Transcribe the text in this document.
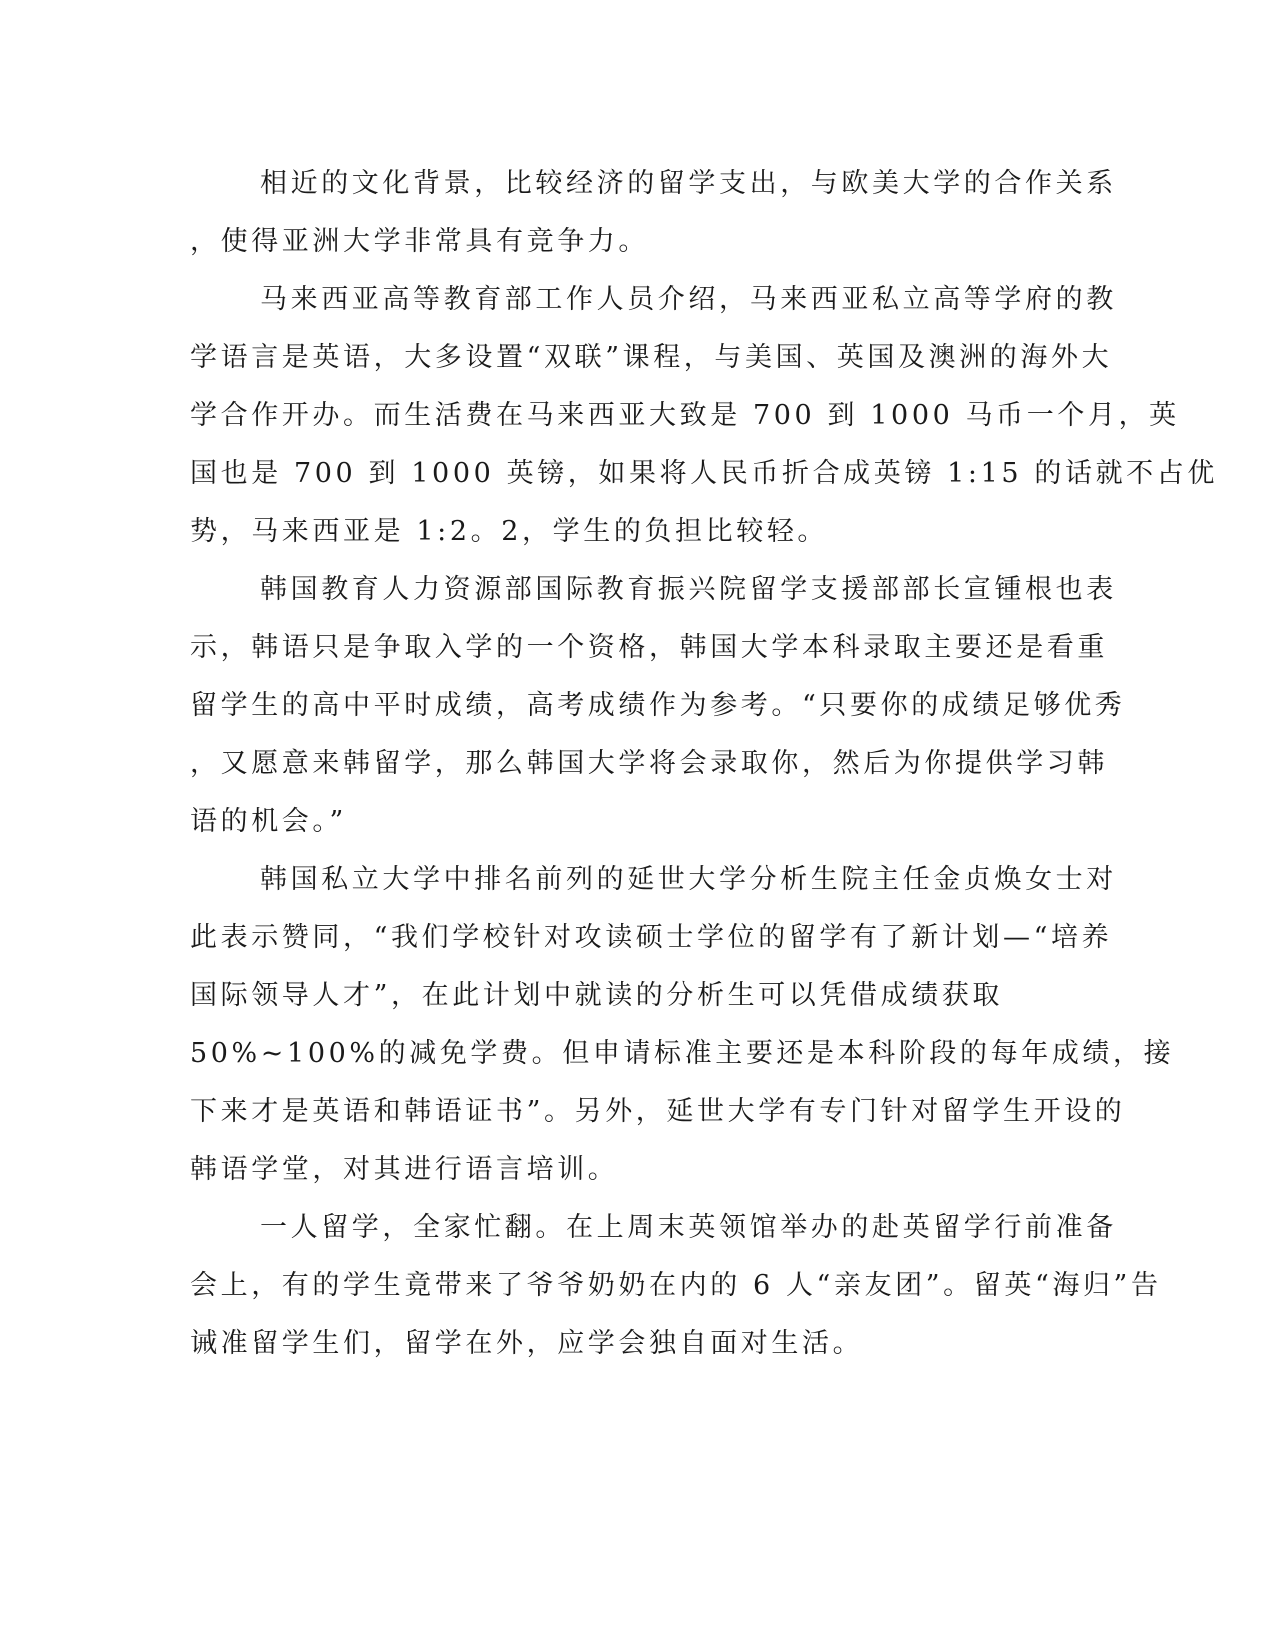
相近的文化背景，比较经济的留学支出，与欧美大学的合作关系
，使得亚洲大学非常具有竞争力。
马来西亚高等教育部工作人员介绍，马来西亚私立高等学府的教
学语言是英语，大多设置“双联”课程，与美国、英国及澳洲的海外大
学合作开办。而生活费在马来西亚大致是 700 到 1000 马币一个月，英
国也是 700 到 1000 英镑，如果将人民币折合成英镑 1:15 的话就不占优
势，马来西亚是 1:2。2，学生的负担比较轻。
韩国教育人力资源部国际教育振兴院留学支援部部长宣锺根也表
示，韩语只是争取入学的一个资格，韩国大学本科录取主要还是看重
留学生的高中平时成绩，高考成绩作为参考。“只要你的成绩足够优秀
，又愿意来韩留学，那么韩国大学将会录取你，然后为你提供学习韩
语的机会。”
韩国私立大学中排名前列的延世大学分析生院主任金贞焕女士对
此表示赞同，“我们学校针对攻读硕士学位的留学有了新计划—“培养
国际领导人才”，在此计划中就读的分析生可以凭借成绩获取
50%~100%的减免学费。但申请标准主要还是本科阶段的每年成绩，接
下来才是英语和韩语证书”。另外，延世大学有专门针对留学生开设的
韩语学堂，对其进行语言培训。
一人留学，全家忙翻。在上周末英领馆举办的赴英留学行前准备
会上，有的学生竟带来了爷爷奶奶在内的 6 人“亲友团”。留英“海归”告
诫准留学生们，留学在外，应学会独自面对生活。
